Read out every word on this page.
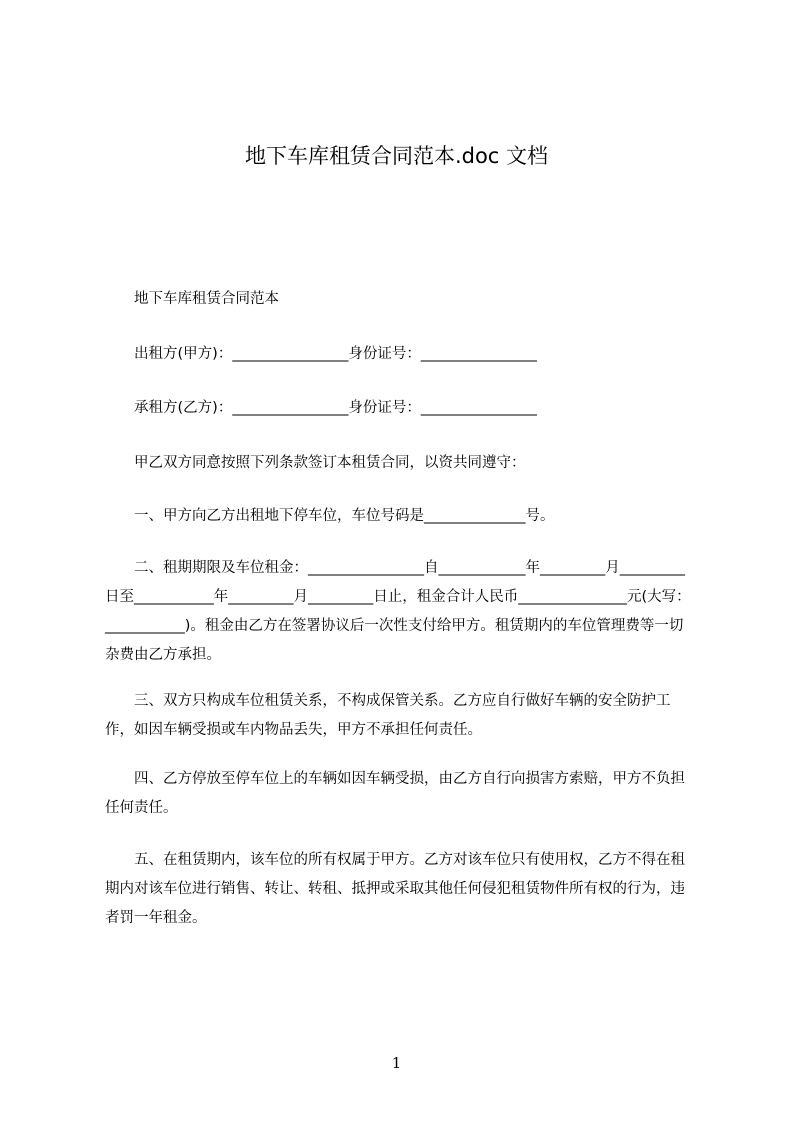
地下车库租赁合同范本.doc 文档
　　地下车库租赁合同范本
　　出租方(甲方)：________________身份证号：________________
　　承租方(乙方)：________________身份证号：________________
　　甲乙双方同意按照下列条款签订本租赁合同，以资共同遵守：
　　一、甲方向乙方出租地下停车位，车位号码是______________号。
　　二、租期期限及车位租金：________________自____________年_________月_________日至___________年_________月_________日止，租金合计人民币_______________元(大写：___________)。租金由乙方在签署协议后一次性支付给甲方。租赁期内的车位管理费等一切杂费由乙方承担。
　　三、双方只构成车位租赁关系，不构成保管关系。乙方应自行做好车辆的安全防护工作，如因车辆受损或车内物品丢失，甲方不承担任何责任。
　　四、乙方停放至停车位上的车辆如因车辆受损，由乙方自行向损害方索赔，甲方不负担任何责任。
　　五、在租赁期内，该车位的所有权属于甲方。乙方对该车位只有使用权，乙方不得在租期内对该车位进行销售、转让、转租、抵押或采取其他任何侵犯租赁物件所有权的行为，违者罚一年租金。
1
